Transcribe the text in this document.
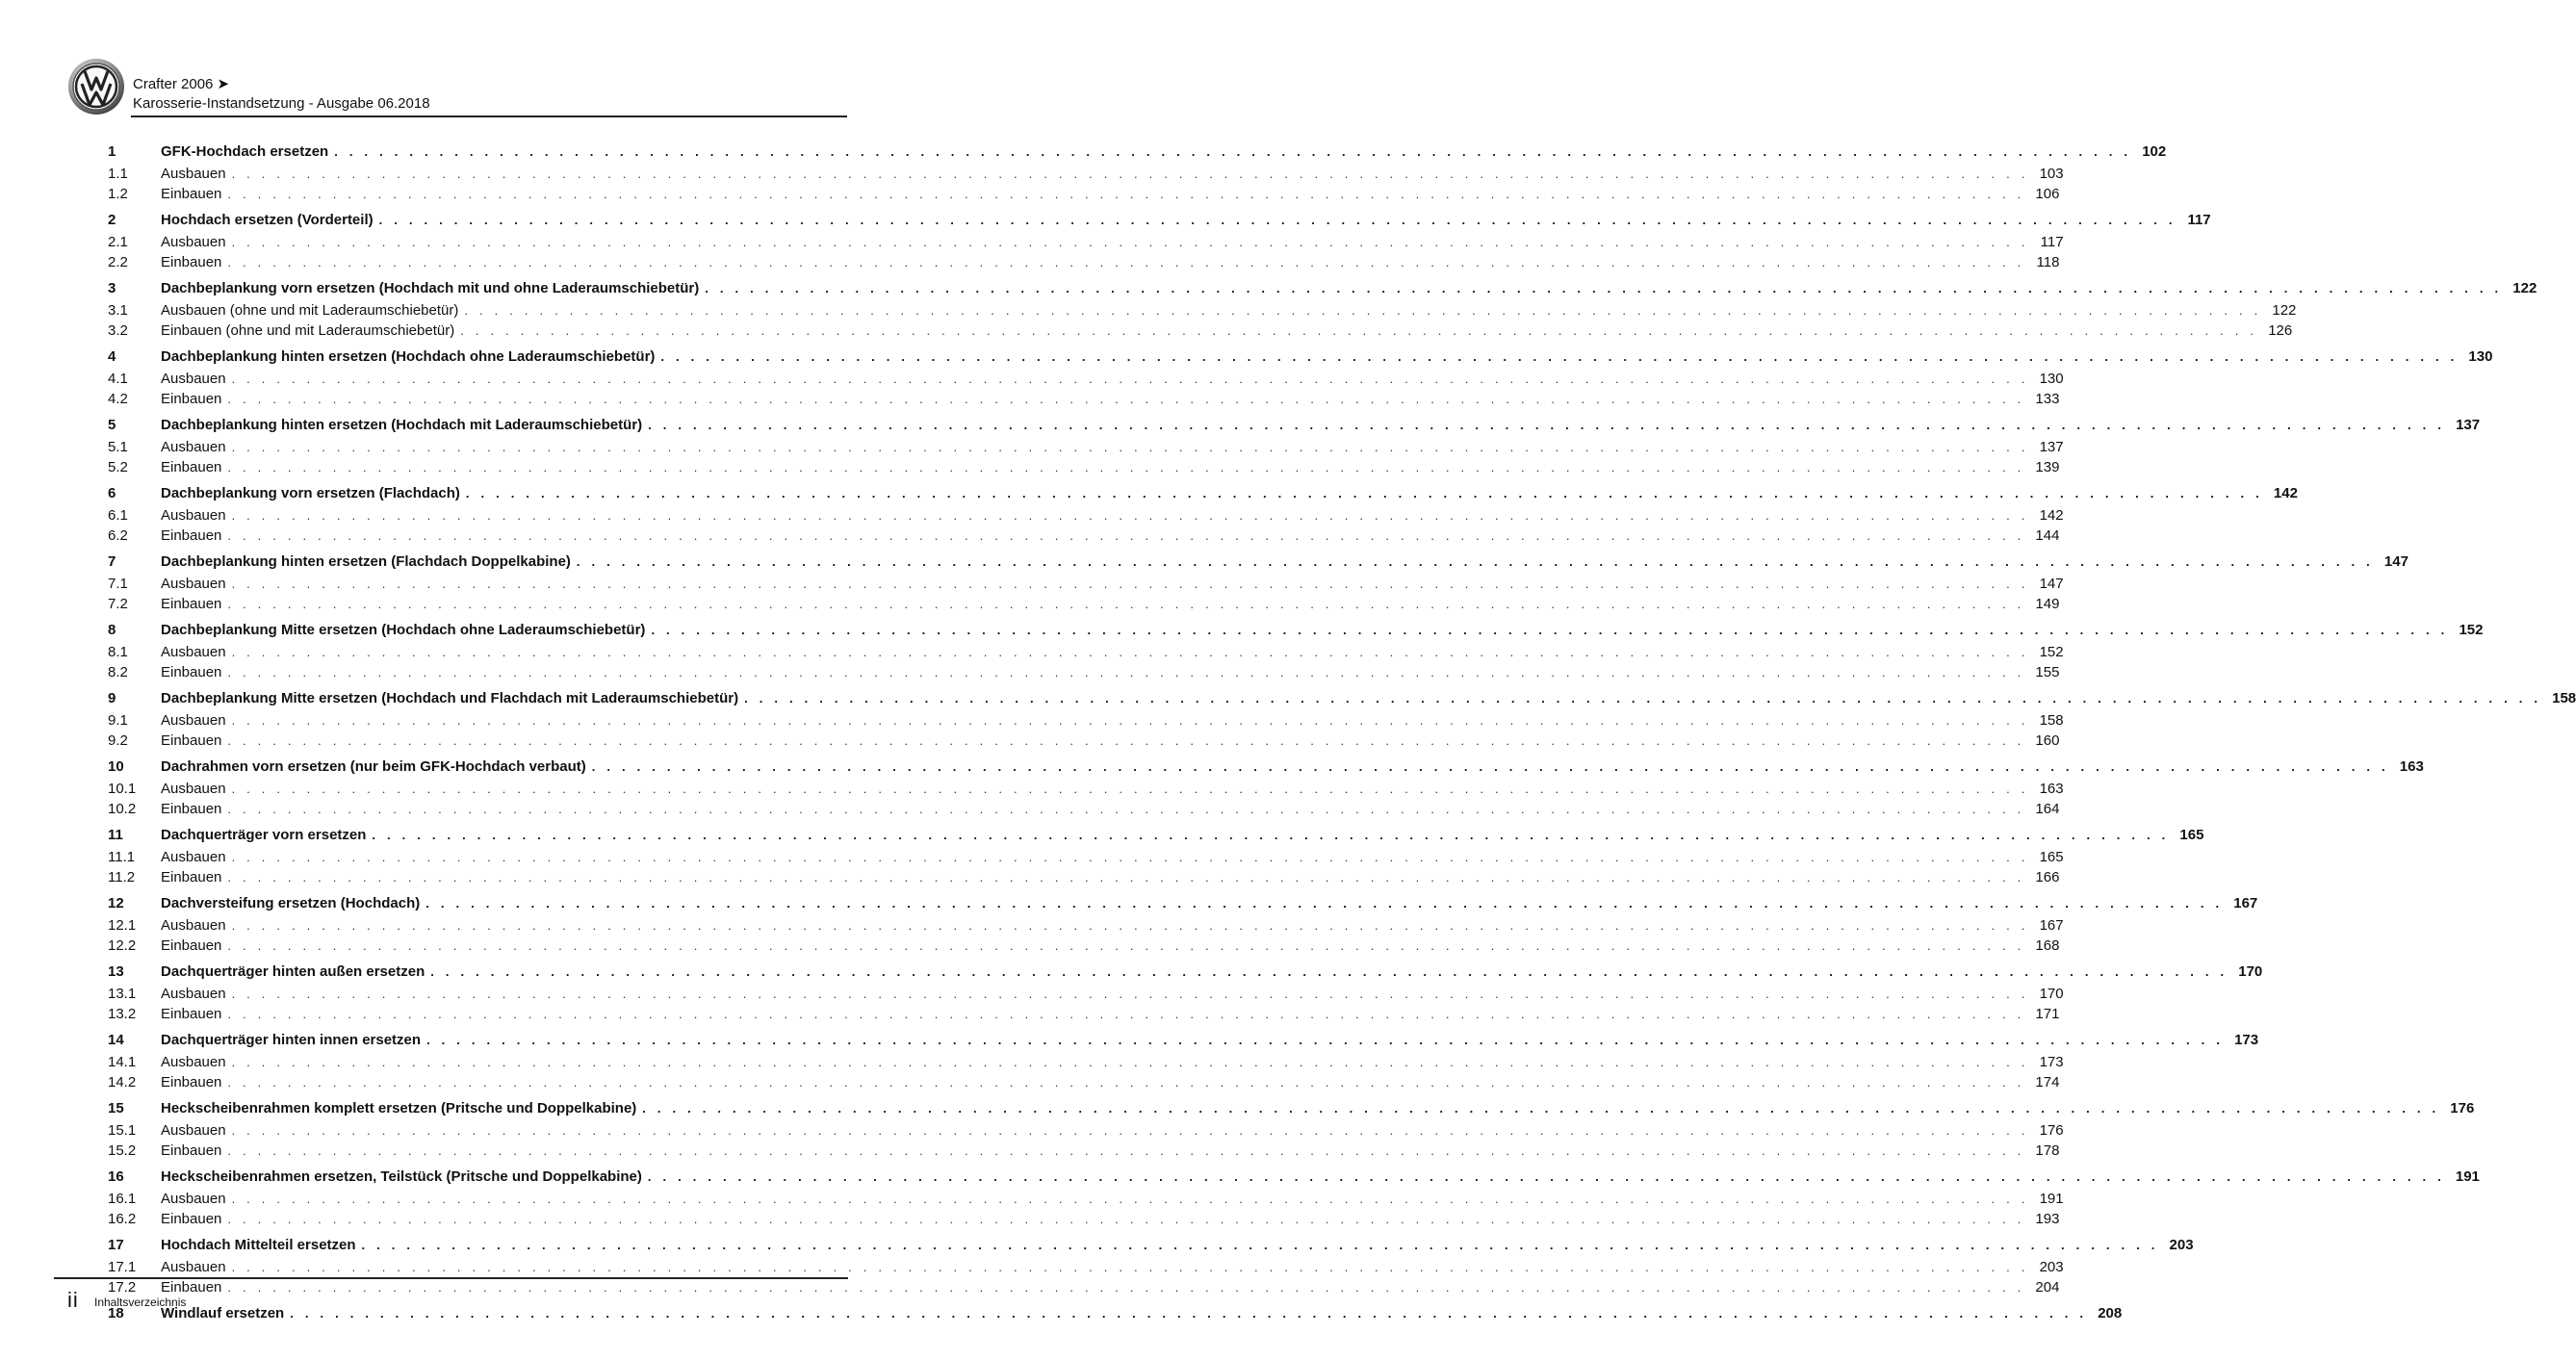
Crafter 2006 ➤
Karosserie-Instandsetzung - Ausgabe 06.2018
1	GFK-Hochdach ersetzen . . . . . . . . . . . . . . . . . . . . . . . . . . . . . . . . . . . . . . . . . . . . . . . . . . . . . . . . . . . . . . . . . . . . . . . . . . . . . . . . . . . . . . . . . . . . . . . . . . . . . . . . . . . . . . . . . . . . . . . . 102
1.1	Ausbauen . . . . . . . . . . . . . . . . . . . . . . . . . . . . . . . . . . . . . . . . . . . . . . . . . . . . . . . . . . . . . . . . . . . . . . . . . . . . . . . . . . . . . . . . . . . . . . . . . . . . . . . . . . . . . . . . . . . . . . . . 103
1.2	Einbauen . . . . . . . . . . . . . . . . . . . . . . . . . . . . . . . . . . . . . . . . . . . . . . . . . . . . . . . . . . . . . . . . . . . . . . . . . . . . . . . . . . . . . . . . . . . . . . . . . . . . . . . . . . . . . . . . . . . . . . . . 106
2	Hochdach ersetzen (Vorderteil) . . . . . . . . . . . . . . . . . . . . . . . . . . . . . . . . . . . . . . . . . . . . . . . . . . . . . . . . . . . . . . . . . . . . . . . . . . . . . . . . . . . . . . . . . . . . . . . . . . . . . . . . . . . . . . . . . . . . . . . . 117
2.1	Ausbauen . . . . . . . . . . . . . . . . . . . . . . . . . . . . . . . . . . . . . . . . . . . . . . . . . . . . . . . . . . . . . . . . . . . . . . . . . . . . . . . . . . . . . . . . . . . . . . . . . . . . . . . . . . . . . . . . . . . . . . . . 117
2.2	Einbauen . . . . . . . . . . . . . . . . . . . . . . . . . . . . . . . . . . . . . . . . . . . . . . . . . . . . . . . . . . . . . . . . . . . . . . . . . . . . . . . . . . . . . . . . . . . . . . . . . . . . . . . . . . . . . . . . . . . . . . . . 118
3	Dachbeplankung vorn ersetzen (Hochdach mit und ohne Laderaumschiebetür) . . . . . . . . . . . . . . . . . . . . . . . . . . . . . . . . . . . . . . . . . . . . . . . . . . . . . . . . . . . . . . . . . . . . . . . . . . . . . . . . . . . . . . . . . . . . . . . . . . . . . . . . . . . . . . . . . . . . . . . . 122
3.1	Ausbauen (ohne und mit Laderaumschiebetür) . . . . . . . . . . . . . . . . . . . . . . . . . . . . . . . . . . . . . . . . . . . . . . . . . . . . . . . . . . . . . . . . . . . . . . . . . . . . . . . . . . . . . . . . . . . . . . . . . . . . . . . . . . . . . . . . . . . . . . . . 122
3.2	Einbauen (ohne und mit Laderaumschiebetür) . . . . . . . . . . . . . . . . . . . . . . . . . . . . . . . . . . . . . . . . . . . . . . . . . . . . . . . . . . . . . . . . . . . . . . . . . . . . . . . . . . . . . . . . . . . . . . . . . . . . . . . . . . . . . . . . . . . . . . . . 126
4	Dachbeplankung hinten ersetzen (Hochdach ohne Laderaumschiebetür) . . . . . . . . . . . . . . . . . . . . . . . . . . . . . . . . . . . . . . . . . . . . . . . . . . . . . . . . . . . . . . . . . . . . . . . . . . . . . . . . . . . . . . . . . . . . . . . . . . . . . . . . . . . . . . . . . . . . . . . . 130
4.1	Ausbauen . . . . . . . . . . . . . . . . . . . . . . . . . . . . . . . . . . . . . . . . . . . . . . . . . . . . . . . . . . . . . . . . . . . . . . . . . . . . . . . . . . . . . . . . . . . . . . . . . . . . . . . . . . . . . . . . . . . . . . . . 130
4.2	Einbauen . . . . . . . . . . . . . . . . . . . . . . . . . . . . . . . . . . . . . . . . . . . . . . . . . . . . . . . . . . . . . . . . . . . . . . . . . . . . . . . . . . . . . . . . . . . . . . . . . . . . . . . . . . . . . . . . . . . . . . . . 133
5	Dachbeplankung hinten ersetzen (Hochdach mit Laderaumschiebetür) . . . . . . . . . . . . . . . . . . . . . . . . . . . . . . . . . . . . . . . . . . . . . . . . . . . . . . . . . . . . . . . . . . . . . . . . . . . . . . . . . . . . . . . . . . . . . . . . . . . . . . . . . . . . . . . . . . . . . . . . 137
5.1	Ausbauen . . . . . . . . . . . . . . . . . . . . . . . . . . . . . . . . . . . . . . . . . . . . . . . . . . . . . . . . . . . . . . . . . . . . . . . . . . . . . . . . . . . . . . . . . . . . . . . . . . . . . . . . . . . . . . . . . . . . . . . . 137
5.2	Einbauen . . . . . . . . . . . . . . . . . . . . . . . . . . . . . . . . . . . . . . . . . . . . . . . . . . . . . . . . . . . . . . . . . . . . . . . . . . . . . . . . . . . . . . . . . . . . . . . . . . . . . . . . . . . . . . . . . . . . . . . . 139
6	Dachbeplankung vorn ersetzen (Flachdach) . . . . . . . . . . . . . . . . . . . . . . . . . . . . . . . . . . . . . . . . . . . . . . . . . . . . . . . . . . . . . . . . . . . . . . . . . . . . . . . . . . . . . . . . . . . . . . . . . . . . . . . . . . . . . . . . . . . . . . . . 142
6.1	Ausbauen . . . . . . . . . . . . . . . . . . . . . . . . . . . . . . . . . . . . . . . . . . . . . . . . . . . . . . . . . . . . . . . . . . . . . . . . . . . . . . . . . . . . . . . . . . . . . . . . . . . . . . . . . . . . . . . . . . . . . . . . 142
6.2	Einbauen . . . . . . . . . . . . . . . . . . . . . . . . . . . . . . . . . . . . . . . . . . . . . . . . . . . . . . . . . . . . . . . . . . . . . . . . . . . . . . . . . . . . . . . . . . . . . . . . . . . . . . . . . . . . . . . . . . . . . . . . 144
7	Dachbeplankung hinten ersetzen (Flachdach Doppelkabine) . . . . . . . . . . . . . . . . . . . . . . . . . . . . . . . . . . . . . . . . . . . . . . . . . . . . . . . . . . . . . . . . . . . . . . . . . . . . . . . . . . . . . . . . . . . . . . . . . . . . . . . . . . . . . . . . . . . . . . . . 147
7.1	Ausbauen . . . . . . . . . . . . . . . . . . . . . . . . . . . . . . . . . . . . . . . . . . . . . . . . . . . . . . . . . . . . . . . . . . . . . . . . . . . . . . . . . . . . . . . . . . . . . . . . . . . . . . . . . . . . . . . . . . . . . . . . 147
7.2	Einbauen . . . . . . . . . . . . . . . . . . . . . . . . . . . . . . . . . . . . . . . . . . . . . . . . . . . . . . . . . . . . . . . . . . . . . . . . . . . . . . . . . . . . . . . . . . . . . . . . . . . . . . . . . . . . . . . . . . . . . . . . 149
8	Dachbeplankung Mitte ersetzen (Hochdach ohne Laderaumschiebetür) . . . . . . . . . . . . . . . . . . . . . . . . . . . . . . . . . . . . . . . . . . . . . . . . . . . . . . . . . . . . . . . . . . . . . . . . . . . . . . . . . . . . . . . . . . . . . . . . . . . . . . . . . . . . . . . . . . . . . . . . 152
8.1	Ausbauen . . . . . . . . . . . . . . . . . . . . . . . . . . . . . . . . . . . . . . . . . . . . . . . . . . . . . . . . . . . . . . . . . . . . . . . . . . . . . . . . . . . . . . . . . . . . . . . . . . . . . . . . . . . . . . . . . . . . . . . . 152
8.2	Einbauen . . . . . . . . . . . . . . . . . . . . . . . . . . . . . . . . . . . . . . . . . . . . . . . . . . . . . . . . . . . . . . . . . . . . . . . . . . . . . . . . . . . . . . . . . . . . . . . . . . . . . . . . . . . . . . . . . . . . . . . . 155
9	Dachbeplankung Mitte ersetzen (Hochdach und Flachdach mit Laderaumschiebetür) . . . . . . . . . . . . . . . . . . . . . . . . . . . . . . . . . . . . . . . . . . . . . . . . . . . . . . . . . . . . . . . . . . . . . . . . . . . . . . . . . . . . . . . . . . . . . . . . . . . . . . . . . . . . . . . . . . . . . . . . 158
9.1	Ausbauen . . . . . . . . . . . . . . . . . . . . . . . . . . . . . . . . . . . . . . . . . . . . . . . . . . . . . . . . . . . . . . . . . . . . . . . . . . . . . . . . . . . . . . . . . . . . . . . . . . . . . . . . . . . . . . . . . . . . . . . . 158
9.2	Einbauen . . . . . . . . . . . . . . . . . . . . . . . . . . . . . . . . . . . . . . . . . . . . . . . . . . . . . . . . . . . . . . . . . . . . . . . . . . . . . . . . . . . . . . . . . . . . . . . . . . . . . . . . . . . . . . . . . . . . . . . . 160
10	Dachrahmen vorn ersetzen (nur beim GFK-Hochdach verbaut) . . . . . . . . . . . . . . . . . . . . . . . . . . . . . . . . . . . . . . . . . . . . . . . . . . . . . . . . . . . . . . . . . . . . . . . . . . . . . . . . . . . . . . . . . . . . . . . . . . . . . . . . . . . . . . . . . . . . . . . . 163
10.1	Ausbauen . . . . . . . . . . . . . . . . . . . . . . . . . . . . . . . . . . . . . . . . . . . . . . . . . . . . . . . . . . . . . . . . . . . . . . . . . . . . . . . . . . . . . . . . . . . . . . . . . . . . . . . . . . . . . . . . . . . . . . . . 163
10.2	Einbauen . . . . . . . . . . . . . . . . . . . . . . . . . . . . . . . . . . . . . . . . . . . . . . . . . . . . . . . . . . . . . . . . . . . . . . . . . . . . . . . . . . . . . . . . . . . . . . . . . . . . . . . . . . . . . . . . . . . . . . . . 164
11	Dachquerträger vorn ersetzen . . . . . . . . . . . . . . . . . . . . . . . . . . . . . . . . . . . . . . . . . . . . . . . . . . . . . . . . . . . . . . . . . . . . . . . . . . . . . . . . . . . . . . . . . . . . . . . . . . . . . . . . . . . . . . . . . . . . . . . . 165
11.1	Ausbauen . . . . . . . . . . . . . . . . . . . . . . . . . . . . . . . . . . . . . . . . . . . . . . . . . . . . . . . . . . . . . . . . . . . . . . . . . . . . . . . . . . . . . . . . . . . . . . . . . . . . . . . . . . . . . . . . . . . . . . . . 165
11.2	Einbauen . . . . . . . . . . . . . . . . . . . . . . . . . . . . . . . . . . . . . . . . . . . . . . . . . . . . . . . . . . . . . . . . . . . . . . . . . . . . . . . . . . . . . . . . . . . . . . . . . . . . . . . . . . . . . . . . . . . . . . . . 166
12	Dachversteifung ersetzen (Hochdach) . . . . . . . . . . . . . . . . . . . . . . . . . . . . . . . . . . . . . . . . . . . . . . . . . . . . . . . . . . . . . . . . . . . . . . . . . . . . . . . . . . . . . . . . . . . . . . . . . . . . . . . . . . . . . . . . . . . . . . . . 167
12.1	Ausbauen . . . . . . . . . . . . . . . . . . . . . . . . . . . . . . . . . . . . . . . . . . . . . . . . . . . . . . . . . . . . . . . . . . . . . . . . . . . . . . . . . . . . . . . . . . . . . . . . . . . . . . . . . . . . . . . . . . . . . . . . 167
12.2	Einbauen . . . . . . . . . . . . . . . . . . . . . . . . . . . . . . . . . . . . . . . . . . . . . . . . . . . . . . . . . . . . . . . . . . . . . . . . . . . . . . . . . . . . . . . . . . . . . . . . . . . . . . . . . . . . . . . . . . . . . . . . 168
13	Dachquerträger hinten außen ersetzen . . . . . . . . . . . . . . . . . . . . . . . . . . . . . . . . . . . . . . . . . . . . . . . . . . . . . . . . . . . . . . . . . . . . . . . . . . . . . . . . . . . . . . . . . . . . . . . . . . . . . . . . . . . . . . . . . . . . . . . . 170
13.1	Ausbauen . . . . . . . . . . . . . . . . . . . . . . . . . . . . . . . . . . . . . . . . . . . . . . . . . . . . . . . . . . . . . . . . . . . . . . . . . . . . . . . . . . . . . . . . . . . . . . . . . . . . . . . . . . . . . . . . . . . . . . . . 170
13.2	Einbauen . . . . . . . . . . . . . . . . . . . . . . . . . . . . . . . . . . . . . . . . . . . . . . . . . . . . . . . . . . . . . . . . . . . . . . . . . . . . . . . . . . . . . . . . . . . . . . . . . . . . . . . . . . . . . . . . . . . . . . . . 171
14	Dachquerträger hinten innen ersetzen . . . . . . . . . . . . . . . . . . . . . . . . . . . . . . . . . . . . . . . . . . . . . . . . . . . . . . . . . . . . . . . . . . . . . . . . . . . . . . . . . . . . . . . . . . . . . . . . . . . . . . . . . . . . . . . . . . . . . . . . 173
14.1	Ausbauen . . . . . . . . . . . . . . . . . . . . . . . . . . . . . . . . . . . . . . . . . . . . . . . . . . . . . . . . . . . . . . . . . . . . . . . . . . . . . . . . . . . . . . . . . . . . . . . . . . . . . . . . . . . . . . . . . . . . . . . . 173
14.2	Einbauen . . . . . . . . . . . . . . . . . . . . . . . . . . . . . . . . . . . . . . . . . . . . . . . . . . . . . . . . . . . . . . . . . . . . . . . . . . . . . . . . . . . . . . . . . . . . . . . . . . . . . . . . . . . . . . . . . . . . . . . . 174
15	Heckscheibenrahmen komplett ersetzen (Pritsche und Doppelkabine) . . . . . . . . . . . . . . . . . . . . . . . . . . . . . . . . . . . . . . . . . . . . . . . . . . . . . . . . . . . . . . . . . . . . . . . . . . . . . . . . . . . . . . . . . . . . . . . . . . . . . . . . . . . . . . . . . . . . . . . . 176
15.1	Ausbauen . . . . . . . . . . . . . . . . . . . . . . . . . . . . . . . . . . . . . . . . . . . . . . . . . . . . . . . . . . . . . . . . . . . . . . . . . . . . . . . . . . . . . . . . . . . . . . . . . . . . . . . . . . . . . . . . . . . . . . . . 176
15.2	Einbauen . . . . . . . . . . . . . . . . . . . . . . . . . . . . . . . . . . . . . . . . . . . . . . . . . . . . . . . . . . . . . . . . . . . . . . . . . . . . . . . . . . . . . . . . . . . . . . . . . . . . . . . . . . . . . . . . . . . . . . . . 178
16	Heckscheibenrahmen ersetzen, Teilstück (Pritsche und Doppelkabine) . . . . . . . . . . . . . . . . . . . . . . . . . . . . . . . . . . . . . . . . . . . . . . . . . . . . . . . . . . . . . . . . . . . . . . . . . . . . . . . . . . . . . . . . . . . . . . . . . . . . . . . . . . . . . . . . . . . . . . . . 191
16.1	Ausbauen . . . . . . . . . . . . . . . . . . . . . . . . . . . . . . . . . . . . . . . . . . . . . . . . . . . . . . . . . . . . . . . . . . . . . . . . . . . . . . . . . . . . . . . . . . . . . . . . . . . . . . . . . . . . . . . . . . . . . . . . 191
16.2	Einbauen . . . . . . . . . . . . . . . . . . . . . . . . . . . . . . . . . . . . . . . . . . . . . . . . . . . . . . . . . . . . . . . . . . . . . . . . . . . . . . . . . . . . . . . . . . . . . . . . . . . . . . . . . . . . . . . . . . . . . . . . 193
17	Hochdach Mittelteil ersetzen . . . . . . . . . . . . . . . . . . . . . . . . . . . . . . . . . . . . . . . . . . . . . . . . . . . . . . . . . . . . . . . . . . . . . . . . . . . . . . . . . . . . . . . . . . . . . . . . . . . . . . . . . . . . . . . . . . . . . . . . 203
17.1	Ausbauen . . . . . . . . . . . . . . . . . . . . . . . . . . . . . . . . . . . . . . . . . . . . . . . . . . . . . . . . . . . . . . . . . . . . . . . . . . . . . . . . . . . . . . . . . . . . . . . . . . . . . . . . . . . . . . . . . . . . . . . . 203
17.2	Einbauen . . . . . . . . . . . . . . . . . . . . . . . . . . . . . . . . . . . . . . . . . . . . . . . . . . . . . . . . . . . . . . . . . . . . . . . . . . . . . . . . . . . . . . . . . . . . . . . . . . . . . . . . . . . . . . . . . . . . . . . . 204
18	Windlauf ersetzen . . . . . . . . . . . . . . . . . . . . . . . . . . . . . . . . . . . . . . . . . . . . . . . . . . . . . . . . . . . . . . . . . . . . . . . . . . . . . . . . . . . . . . . . . . . . . . . . . . . . . . . . . . . . . . . . . . . . . . . . 208
ii Inhaltsverzeichnis
